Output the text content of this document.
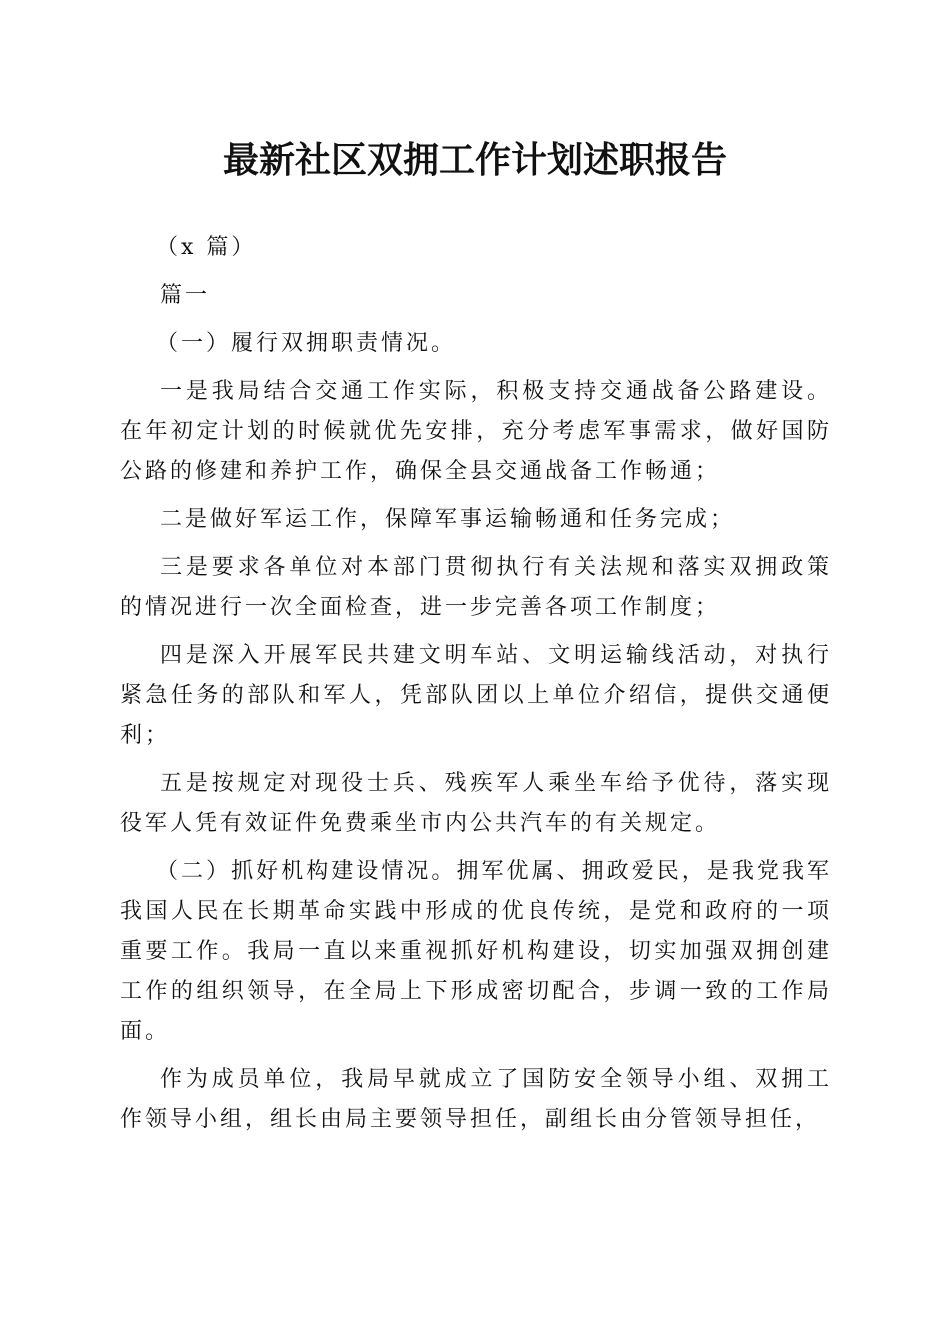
最新社区双拥工作计划述职报告

（x 篇）

篇一

（一）履行双拥职责情况。

一是我局结合交通工作实际，积极支持交通战备公路建设。在年初定计划的时候就优先安排，充分考虑军事需求，做好国防公路的修建和养护工作，确保全县交通战备工作畅通；

二是做好军运工作，保障军事运输畅通和任务完成；

三是要求各单位对本部门贯彻执行有关法规和落实双拥政策的情况进行一次全面检查，进一步完善各项工作制度；

四是深入开展军民共建文明车站、文明运输线活动，对执行紧急任务的部队和军人，凭部队团以上单位介绍信，提供交通便利；

五是按规定对现役士兵、残疾军人乘坐车给予优待，落实现役军人凭有效证件免费乘坐市内公共汽车的有关规定。

（二）抓好机构建设情况。拥军优属、拥政爱民，是我党我军我国人民在长期革命实践中形成的优良传统，是党和政府的一项重要工作。我局一直以来重视抓好机构建设，切实加强双拥创建工作的组织领导，在全局上下形成密切配合，步调一致的工作局面。

作为成员单位，我局早就成立了国防安全领导小组、双拥工作领导小组，组长由局主要领导担任，副组长由分管领导担任，
